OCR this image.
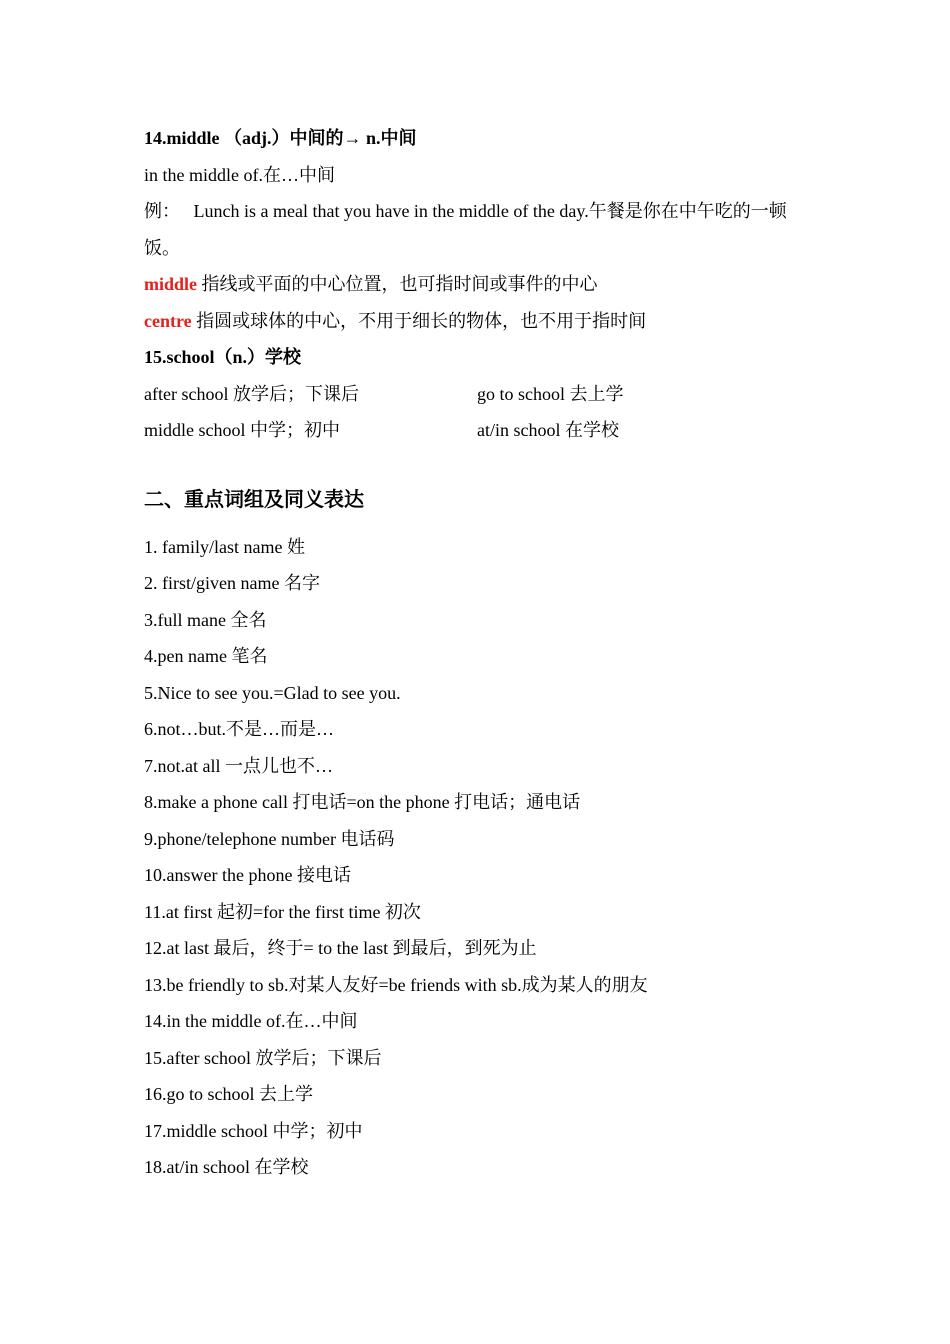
14.middle （adj.）中间的→ n.中间
in the middle of.在…中间
例： Lunch is a meal that you have in the middle of the day.午餐是你在中午吃的一顿饭。
middle 指线或平面的中心位置，也可指时间或事件的中心
centre 指圆或球体的中心，不用于细长的物体，也不用于指时间
15.school（n.）学校
after school 放学后；下课后	go to school 去上学
middle school 中学；初中	at/in school 在学校
二、重点词组及同义表达
1. family/last name 姓
2. first/given name 名字
3.full mane 全名
4.pen name 笔名
5.Nice to see you.=Glad to see you.
6.not…but.不是…而是…
7.not.at all 一点儿也不…
8.make a phone call 打电话=on the phone 打电话；通电话
9.phone/telephone number 电话码
10.answer the phone 接电话
11.at first 起初=for the first time 初次
12.at last 最后，终于= to the last 到最后，到死为止
13.be friendly to sb.对某人友好=be friends with sb.成为某人的朋友
14.in the middle of.在…中间
15.after school 放学后；下课后
16.go to school 去上学
17.middle school 中学；初中
18.at/in school 在学校
